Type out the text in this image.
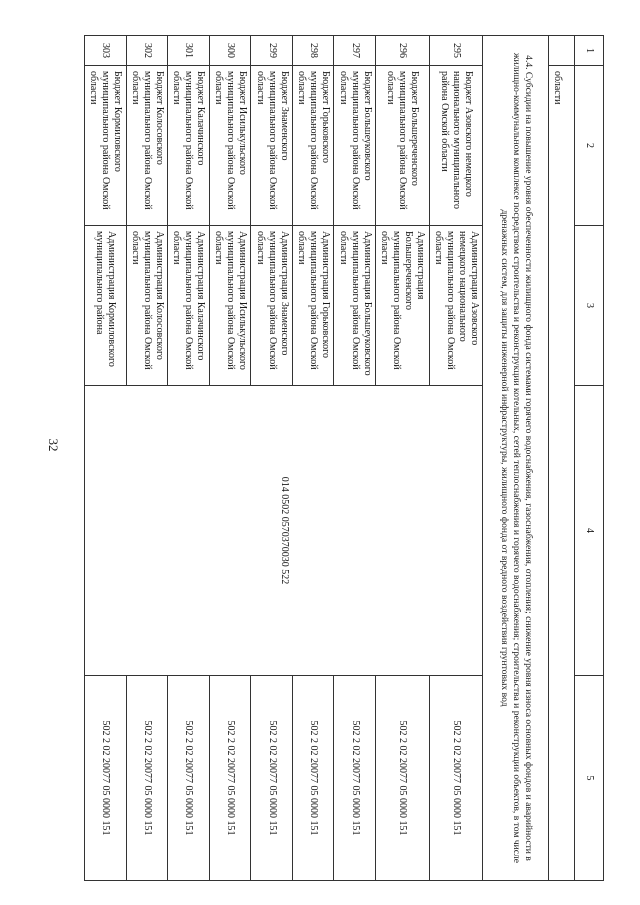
32
1	2	3	4	5
	области			
4.4. Субсидии на повышение уровня обеспеченности жилищного фонда системами горячего водоснабжения, газоснабжения, отопления; снижение уровня износа основных фондов и аварийности в жилищно-коммунальном комплексе посредством строительства и реконструкции котельных, сетей теплоснабжения и горячего водоснабжения; строительства и реконструкции объектов, в том числе дренажных систем, для защиты инженерной инфраструктуры, жилищного фонда от вредного воздействия грунтовых вод				
295	Бюджет Азовского немецкого национального муниципального района Омской области	Администрация Азовского немецкого национального муниципального района Омской области	014 0502 0570370030 522	502 2 02 20077 05 0000 151
296	Бюджет Большереченского муниципального района Омской области	Администрация Большереченского муниципального района Омской области		502 2 02 20077 05 0000 151
297	Бюджет Большеуковского муниципального района Омской области	Администрация Большеуковского муниципального района Омской области		502 2 02 20077 05 0000 151
298	Бюджет Горьковского муниципального района Омской области	Администрация Горьковского муниципального района Омской области		502 2 02 20077 05 0000 151
299	Бюджет Знаменского муниципального района Омской области	Администрация Знаменского муниципального района Омской области		502 2 02 20077 05 0000 151
300	Бюджет Исилькульского муниципального района Омской области	Администрация Исилькульского муниципального района Омской области		502 2 02 20077 05 0000 151
301	Бюджет Калачинского муниципального района Омской области	Администрация Калачинского муниципального района Омской области		502 2 02 20077 05 0000 151
302	Бюджет Колосовского муниципального района Омской области	Администрация Колосовского муниципального района Омской области		502 2 02 20077 05 0000 151
303	Бюджет Кормиловского муниципального района Омской области	Администрация Кормиловского муниципального района		502 2 02 20077 05 0000 151
